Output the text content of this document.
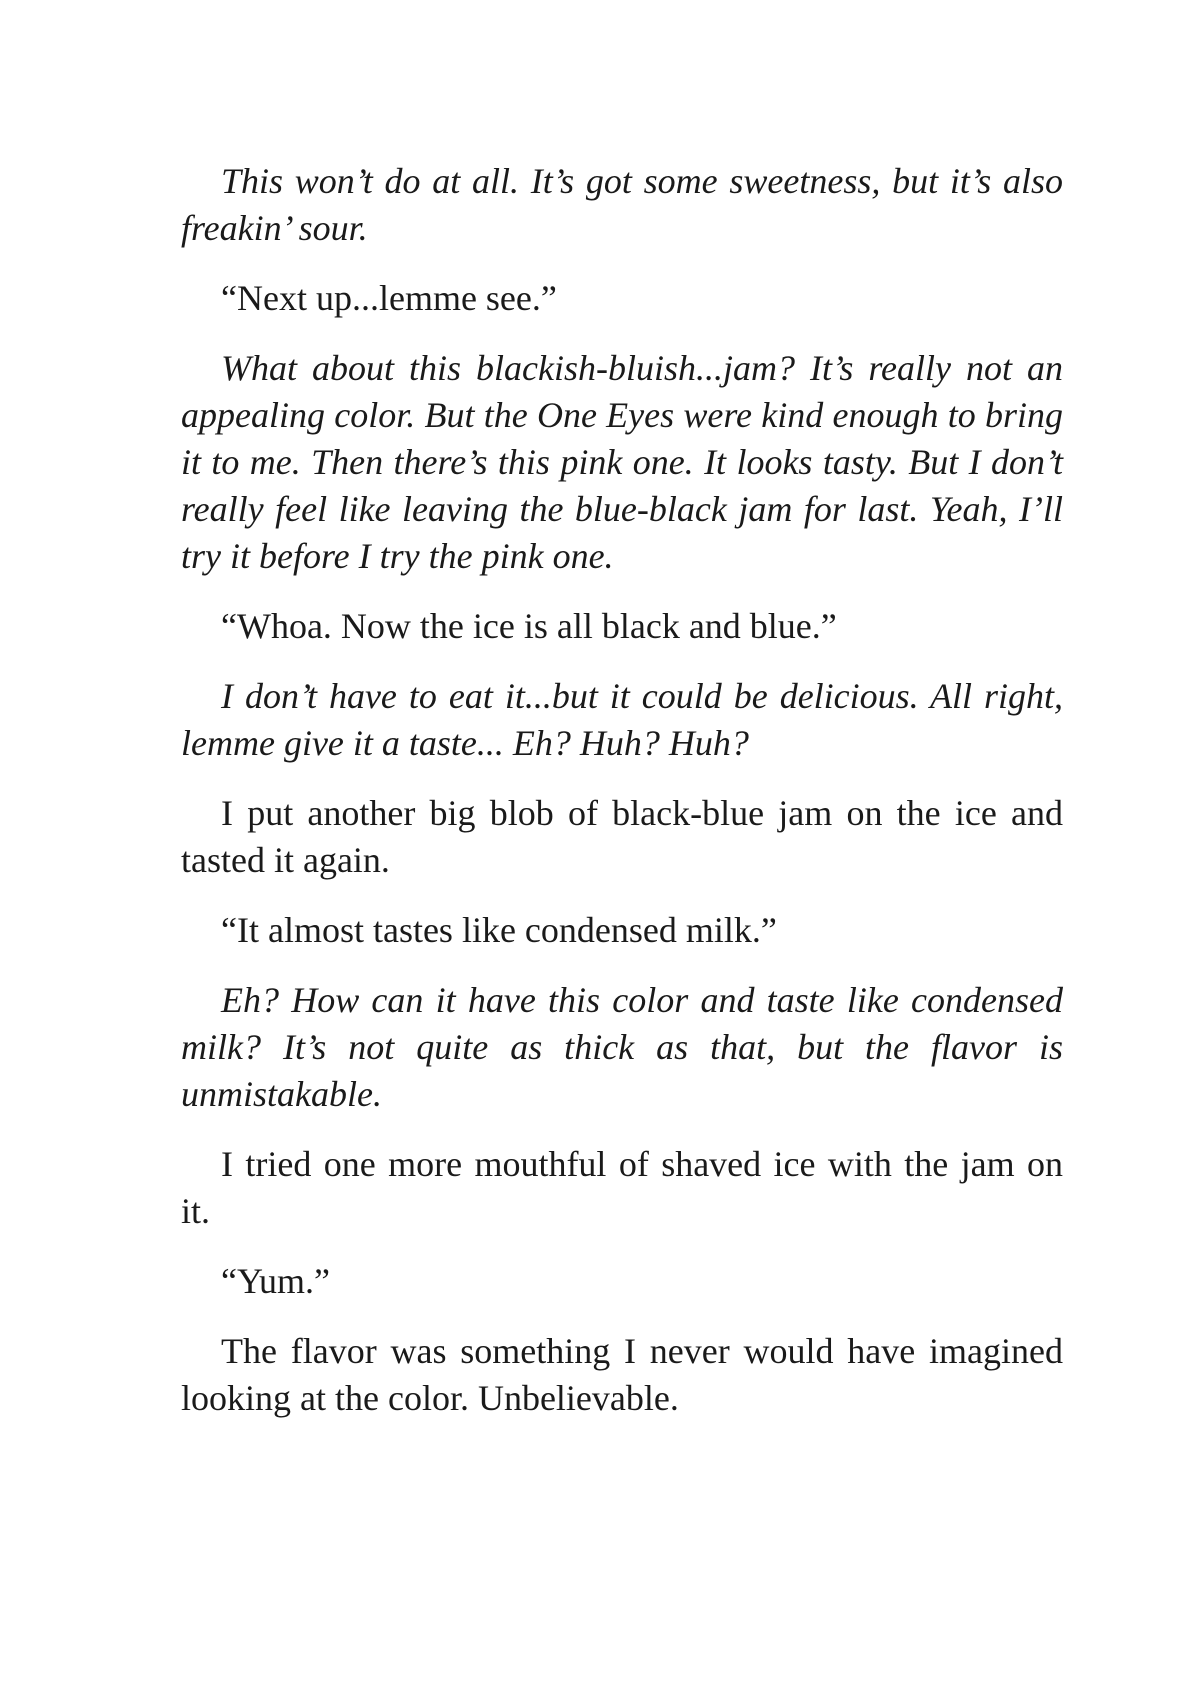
This won’t do at all. It’s got some sweetness, but it’s also freakin’ sour.

“Next up...lemme see.”

What about this blackish-bluish...jam? It’s really not an appealing color. But the One Eyes were kind enough to bring it to me. Then there’s this pink one. It looks tasty. But I don’t really feel like leaving the blue-black jam for last. Yeah, I’ll try it before I try the pink one.

“Whoa. Now the ice is all black and blue.”

I don’t have to eat it...but it could be delicious. All right, lemme give it a taste... Eh? Huh? Huh?

I put another big blob of black-blue jam on the ice and tasted it again.

“It almost tastes like condensed milk.”

Eh? How can it have this color and taste like condensed milk? It’s not quite as thick as that, but the flavor is unmistakable.

I tried one more mouthful of shaved ice with the jam on it.

“Yum.”

The flavor was something I never would have imagined looking at the color. Unbelievable.
